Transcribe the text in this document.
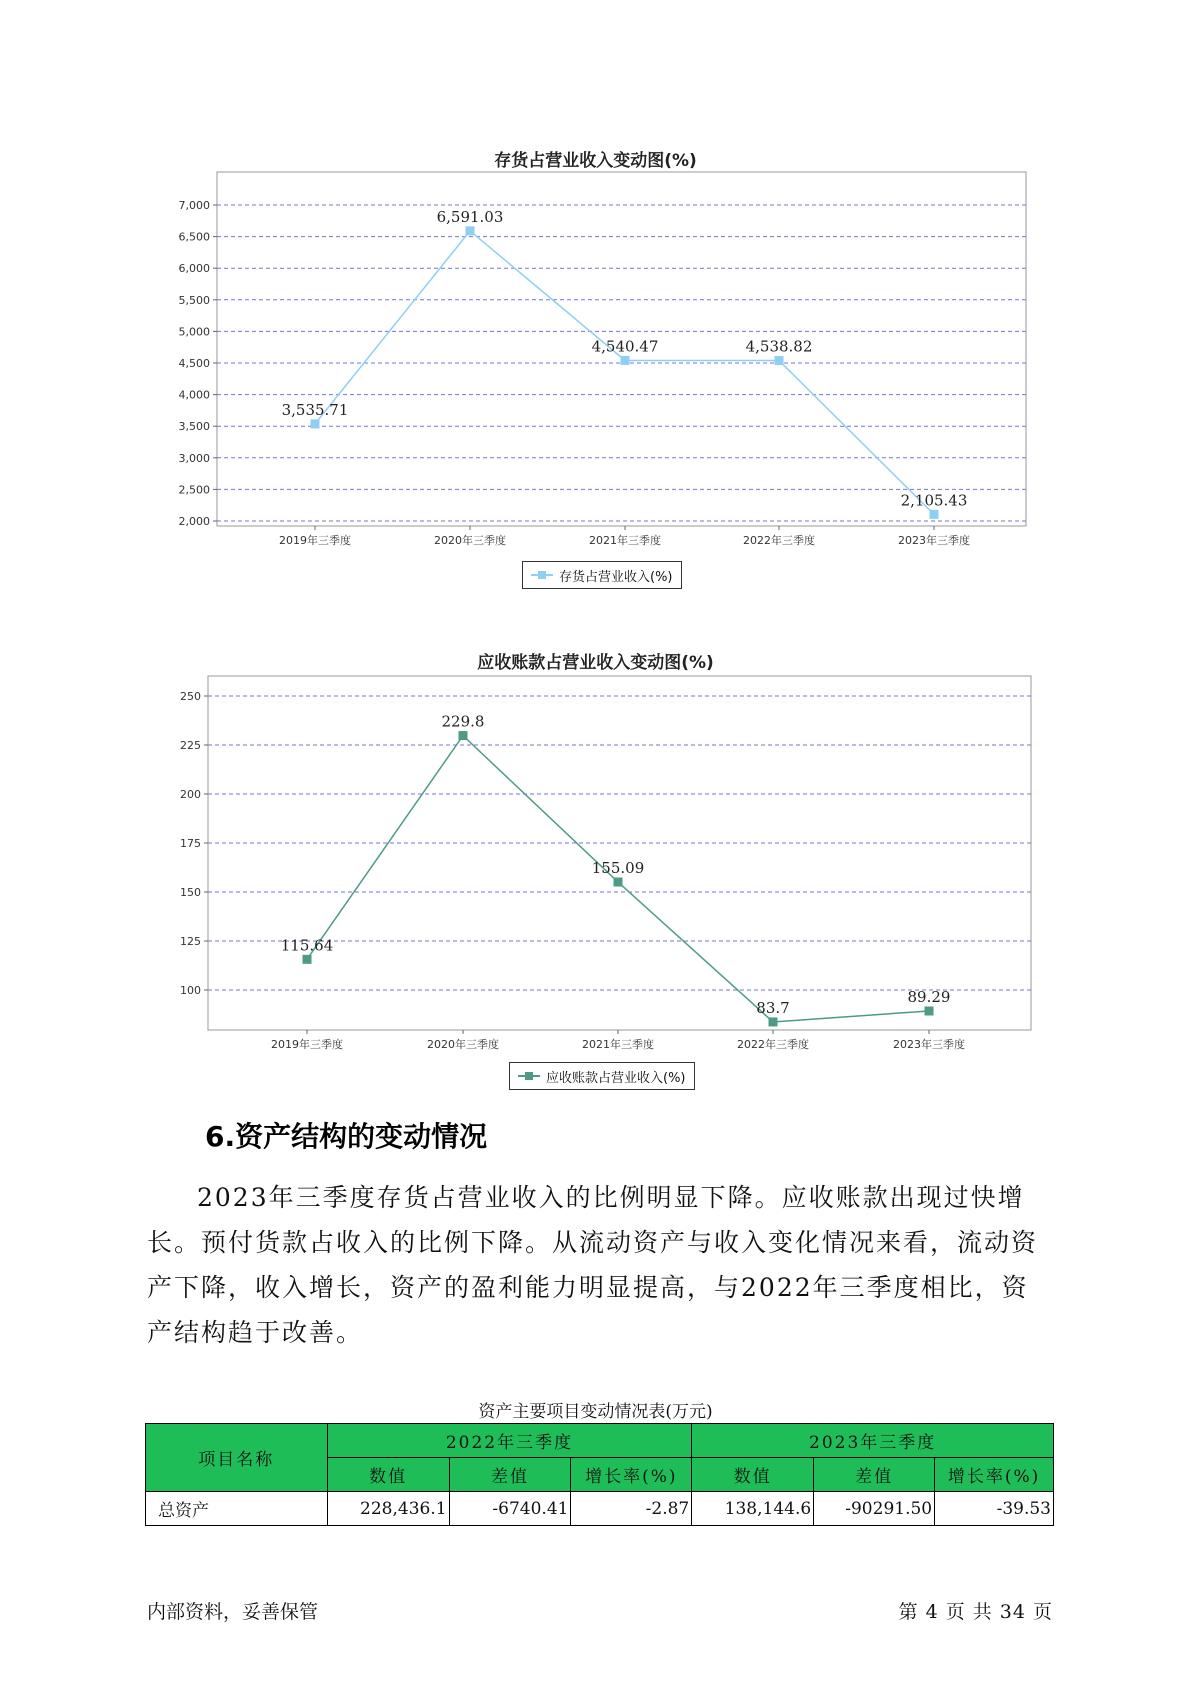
存货占营业收入变动图(%)
2,000
2,500
3,000
3,500
4,000
4,500
5,000
5,500
6,000
6,500
7,000
2019年三季度	2020年三季度	2021年三季度	2022年三季度	2023年三季度
3,535.71
6,591.03
4,540.47	4,538.82
2,105.43
存货占营业收入(%)
应收账款占营业收入变动图(%)
100
125
150
175
200
225
250
2019年三季度	2020年三季度	2021年三季度	2022年三季度	2023年三季度
115.64
229.8
155.09
83.7
89.29
应收账款占营业收入(%)
6.资产结构的变动情况

2023年三季度存货占营业收入的比例明显下降。应收账款出现过快增长。预付货款占收入的比例下降。从流动资产与收入变化情况来看，流动资产下降，收入增长，资产的盈利能力明显提高，与2022年三季度相比，资产结构趋于改善。

资产主要项目变动情况表(万元)
项目名称	2022年三季度			2023年三季度		
	数值	差值	增长率(%)	数值	差值	增长率(%)
总资产	228,436.1	-6740.41	-2.87	138,144.6	-90291.50	-39.53
内部资料，妥善保管	第 4 页 共 34 页
